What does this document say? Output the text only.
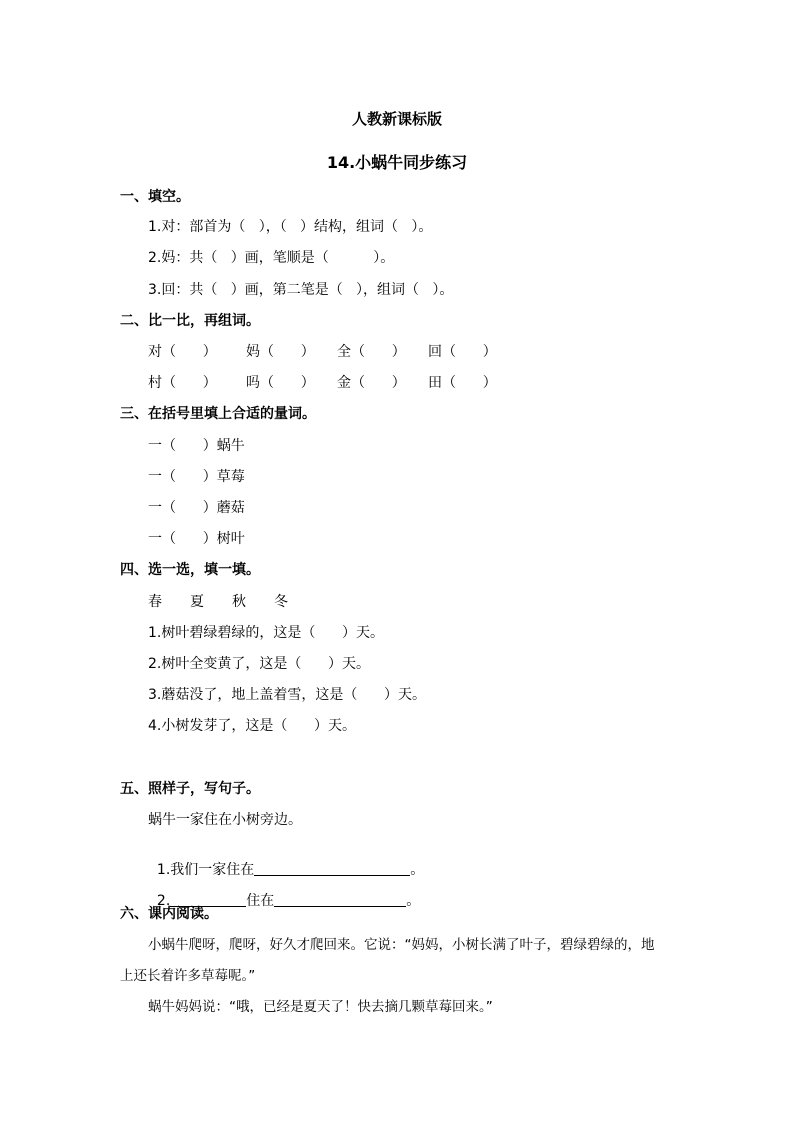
人教新课标版
14.小蜗牛同步练习
一、填空。
1.对：部首为（   ），（   ）结构，组词（   ）。
2.妈：共（   ）画，笔顺是（          ）。
3.回：共（   ）画，第二笔是（   ），组词（   ）。
二、比一比，再组词。
对（      ） 妈（      ） 全（      ） 回（      ）
村（      ） 吗（      ） 金（      ） 田（      ）
三、在括号里填上合适的量词。
一（      ）蜗牛
一（      ）草莓
一（      ）蘑菇
一（      ）树叶
四、选一选，填一填。
春 夏 秋 冬
1.树叶碧绿碧绿的，这是（      ）天。
2.树叶全变黄了，这是（      ）天。
3.蘑菇没了，地上盖着雪，这是（      ）天。
4.小树发芽了，这是（      ）天。
五、照样子，写句子。
蜗牛一家住在小树旁边。

1.我们一家住在	。

2.	住在	。

六、课内阅读。
小蜗牛爬呀，爬呀，好久才爬回来。它说：“妈妈，小树长满了叶子，碧绿碧绿的，地
上还长着许多草莓呢。”
蜗牛妈妈说：“哦，已经是夏天了！快去摘几颗草莓回来。”
